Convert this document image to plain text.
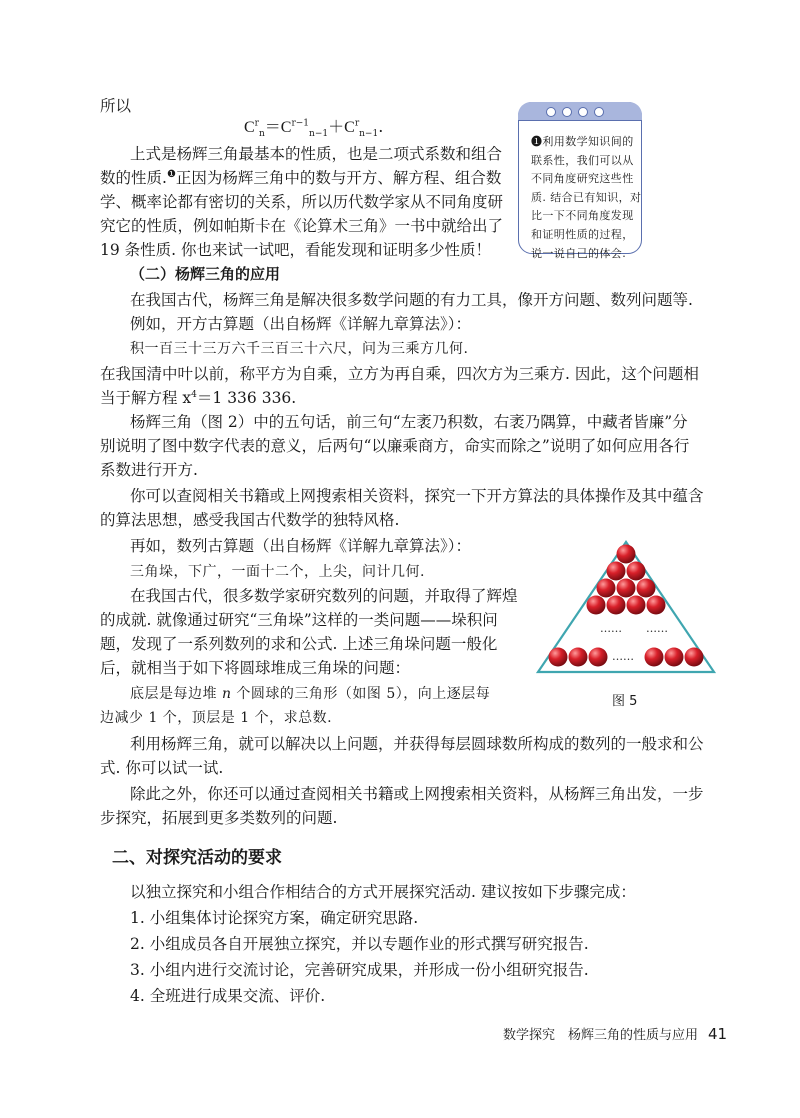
所以
$C^r_n=C^{r-1}_{n-1}+C^r_{n-1}$.
上式是杨辉三角最基本的性质，也是二项式系数和组合
数的性质.$^❶$正因为杨辉三角中的数与开方、解方程、组合数
学、概率论都有密切的关系，所以历代数学家从不同角度研
究它的性质，例如帕斯卡在《论算术三角》一书中就给出了
19 条性质. 你也来试一试吧，看能发现和证明多少性质！
（二）杨辉三角的应用
在我国古代，杨辉三角是解决很多数学问题的有力工具，像开方问题、数列问题等.
例如，开方古算题（出自杨辉《详解九章算法》）：
积一百三十三万六千三百三十六尺，问为三乘方几何.
在我国清中叶以前，称平方为自乘，立方为再自乘，四次方为三乘方. 因此，这个问题相
当于解方程 $x^4=1$ 336 336.
杨辉三角（图 2）中的五句话，前三句“左袤乃积数，右袤乃隅算，中藏者皆廉”分
别说明了图中数字代表的意义，后两句“以廉乘商方，命实而除之”说明了如何应用各行
系数进行开方.
你可以查阅相关书籍或上网搜索相关资料，探究一下开方算法的具体操作及其中蕴含
的算法思想，感受我国古代数学的独特风格.
再如，数列古算题（出自杨辉《详解九章算法》）：
三角垛，下广，一面十二个，上尖，问计几何.
在我国古代，很多数学家研究数列的问题，并取得了辉煌
的成就. 就像通过研究“三角垛”这样的一类问题——垛积问
题，发现了一系列数列的求和公式. 上述三角垛问题一般化
后，就相当于如下将圆球堆成三角垛的问题：
底层是每边堆 n 个圆球的三角形（如图 5），向上逐层每
边减少 1 个，顶层是 1 个，求总数.
利用杨辉三角，就可以解决以上问题，并获得每层圆球数所构成的数列的一般求和公
式. 你可以试一试.
除此之外，你还可以通过查阅相关书籍或上网搜索相关资料，从杨辉三角出发，一步
步探究，拓展到更多类数列的问题.
二、对探究活动的要求
以独立探究和小组合作相结合的方式开展探究活动. 建议按如下步骤完成：
1. 小组集体讨论探究方案，确定研究思路.
2. 小组成员各自开展独立探究，并以专题作业的形式撰写研究报告.
3. 小组内进行交流讨论，完善研究成果，并形成一份小组研究报告.
4. 全班进行成果交流、评价.
❶利用数学知识间的联系性，我们可以从不同角度研究这些性质. 结合已有知识，对比一下不同角度发现和证明性质的过程，说一说自己的体会.
…… ……
……
图 5
数学探究　杨辉三角的性质与应用 41
